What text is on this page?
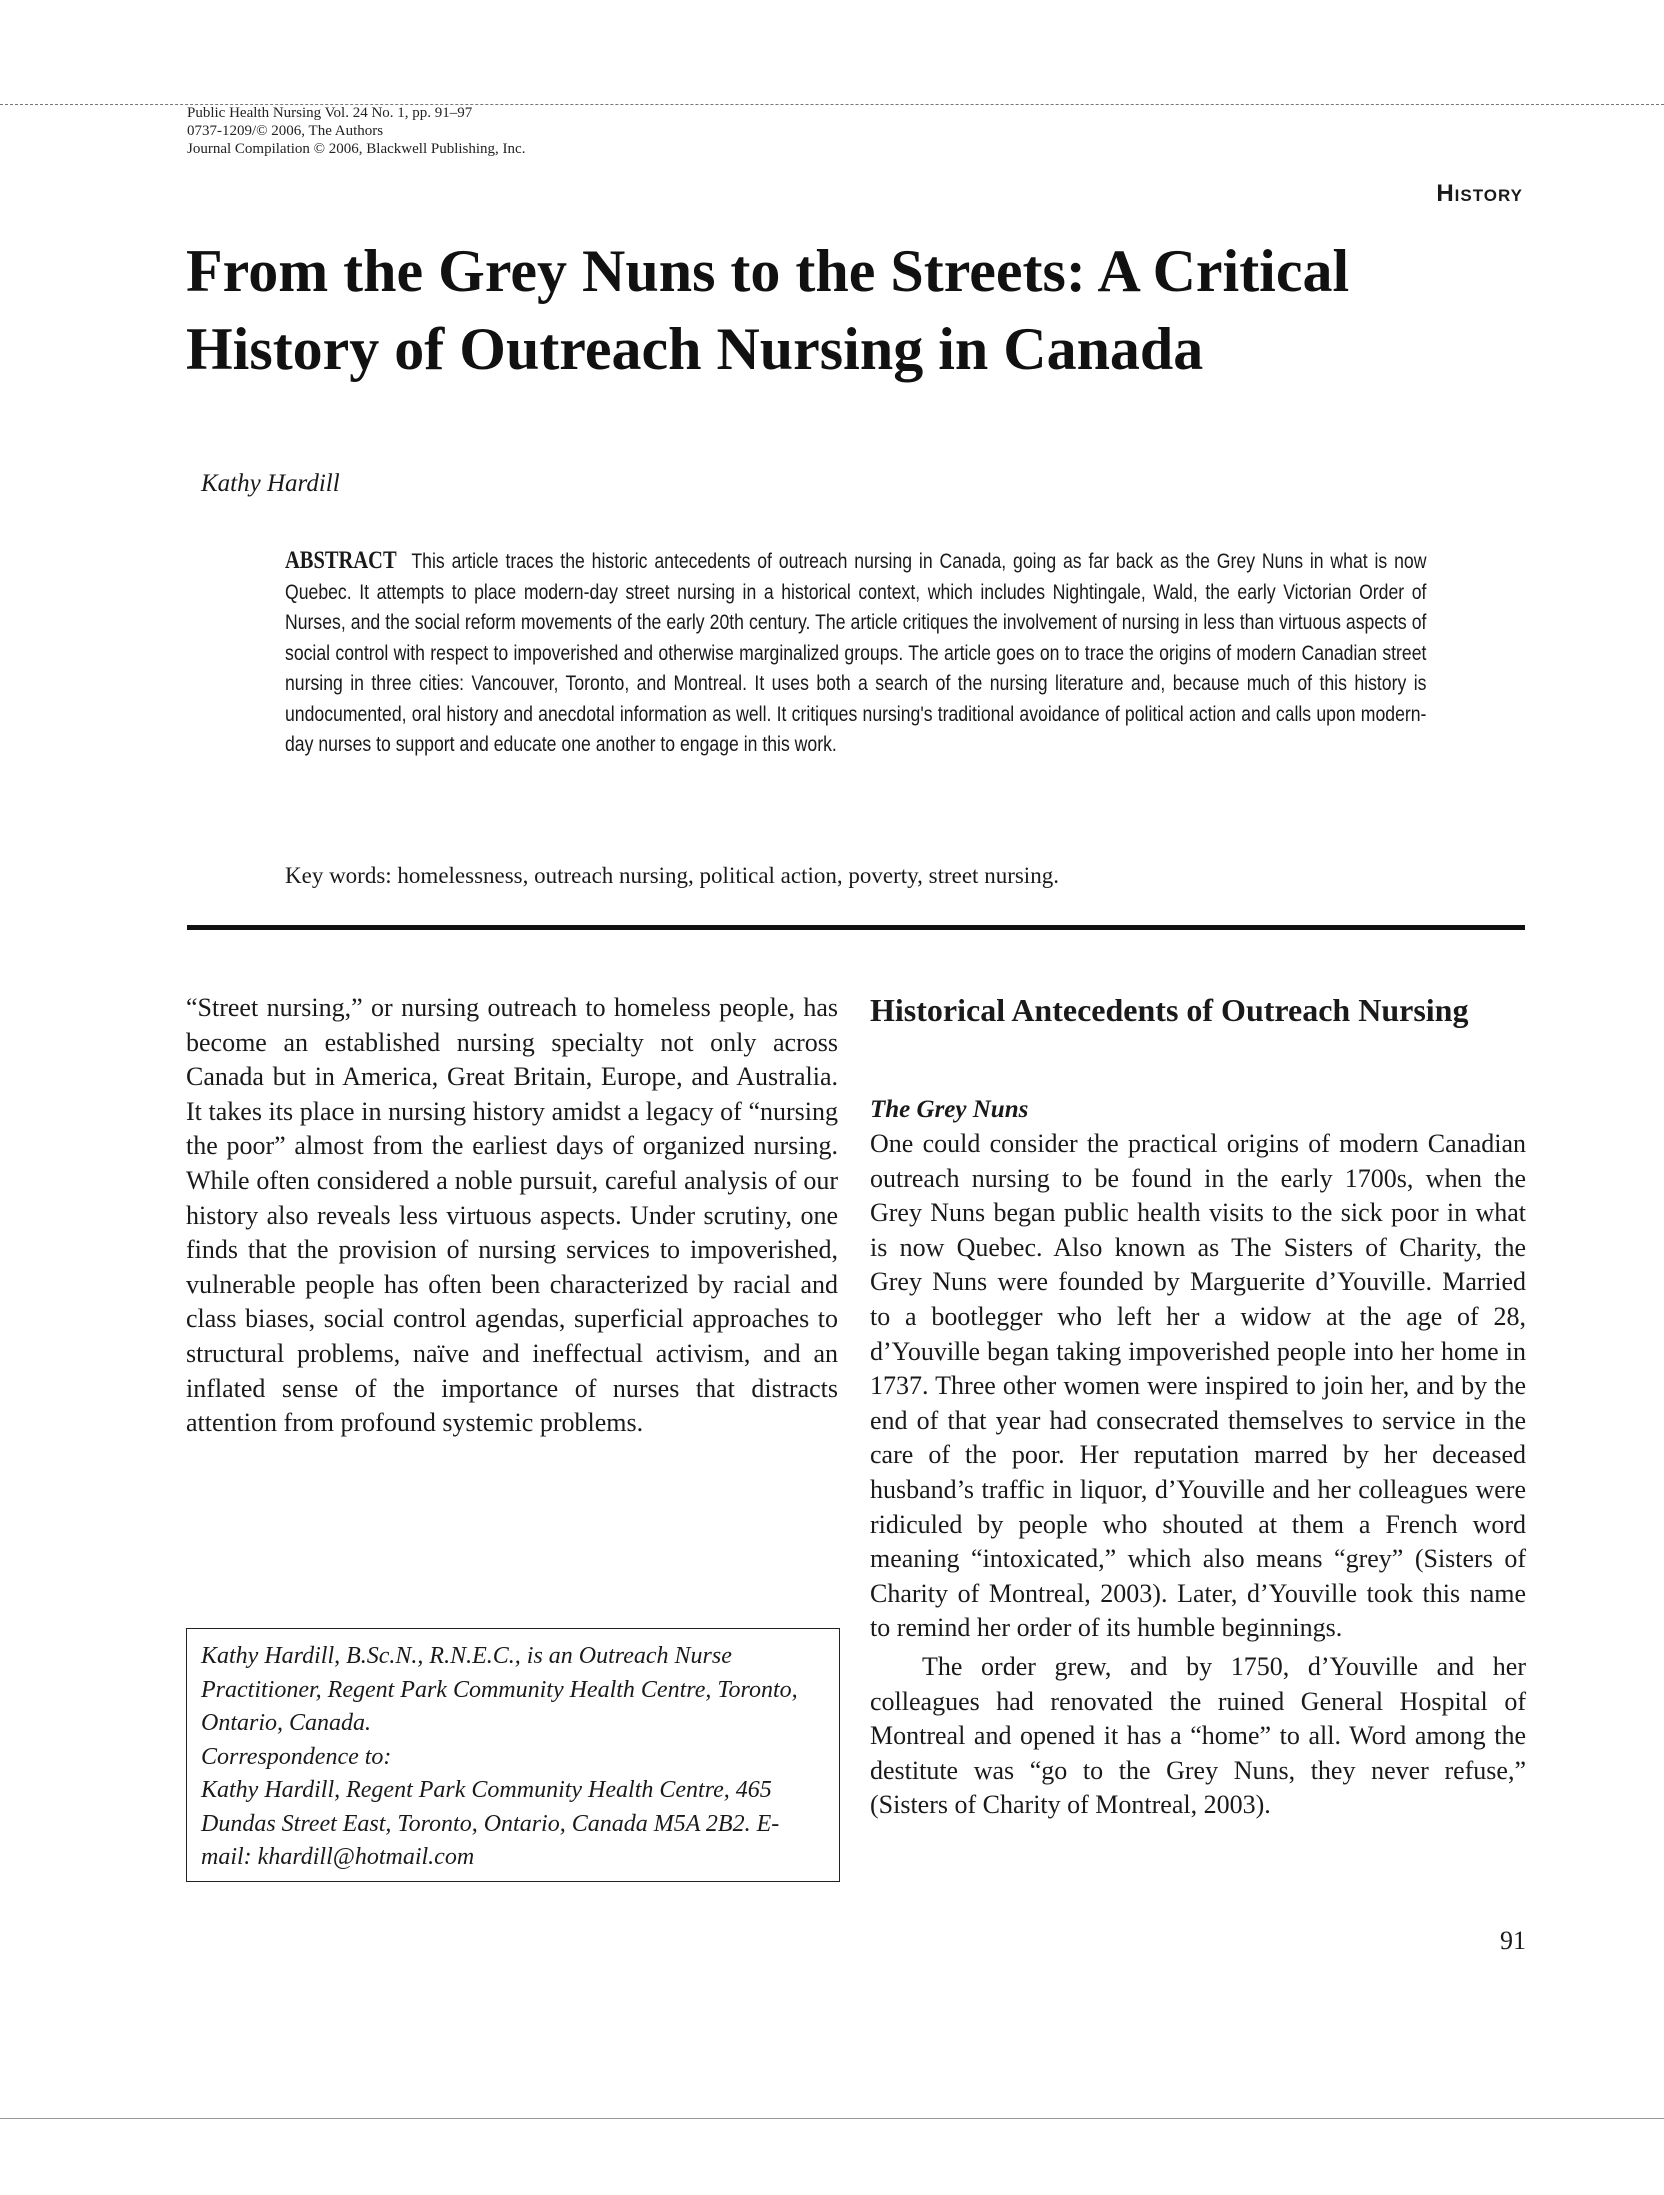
Public Health Nursing Vol. 24 No. 1, pp. 91–97
0737-1209/© 2006, The Authors
Journal Compilation © 2006, Blackwell Publishing, Inc.
History
From the Grey Nuns to the Streets: A Critical History of Outreach Nursing in Canada
Kathy Hardill

ABSTRACT This article traces the historic antecedents of outreach nursing in Canada, going as far back as the Grey Nuns in what is now Quebec. It attempts to place modern-day street nursing in a historical context, which includes Nightingale, Wald, the early Victorian Order of Nurses, and the social reform movements of the early 20th century. The article critiques the involvement of nursing in less than virtuous aspects of social control with respect to impoverished and otherwise marginalized groups. The article goes on to trace the origins of modern Canadian street nursing in three cities: Vancouver, Toronto, and Montreal. It uses both a search of the nursing literature and, because much of this history is undocumented, oral history and anecdotal information as well. It critiques nursing's traditional avoidance of political action and calls upon modern-day nurses to support and educate one another to engage in this work.

Key words: homelessness, outreach nursing, political action, poverty, street nursing.

“Street nursing,” or nursing outreach to homeless people, has become an established nursing specialty not only across Canada but in America, Great Britain, Europe, and Australia. It takes its place in nursing history amidst a legacy of “nursing the poor” almost from the earliest days of organized nursing. While often considered a noble pursuit, careful analysis of our history also reveals less virtuous aspects. Under scrutiny, one finds that the provision of nursing services to impoverished, vulnerable people has often been characterized by racial and class biases, social control agendas, superficial approaches to structural problems, naïve and ineffectual activism, and an inflated sense of the importance of nurses that distracts attention from profound systemic problems.

Kathy Hardill, B.Sc.N., R.N.E.C., is an Outreach Nurse Practitioner, Regent Park Community Health Centre, Toronto, Ontario, Canada.

Correspondence to:

Kathy Hardill, Regent Park Community Health Centre, 465 Dundas Street East, Toronto, Ontario, Canada M5A 2B2. E-mail: khardill@hotmail.com

Historical Antecedents of Outreach Nursing
The Grey Nuns

One could consider the practical origins of modern Canadian outreach nursing to be found in the early 1700s, when the Grey Nuns began public health visits to the sick poor in what is now Quebec. Also known as The Sisters of Charity, the Grey Nuns were founded by Marguerite d’Youville. Married to a bootlegger who left her a widow at the age of 28, d’Youville began taking impoverished people into her home in 1737. Three other women were inspired to join her, and by the end of that year had consecrated themselves to service in the care of the poor. Her reputation marred by her deceased husband’s traffic in liquor, d’Youville and her colleagues were ridiculed by people who shouted at them a French word meaning “intoxicated,” which also means “grey” (Sisters of Charity of Montreal, 2003). Later, d’Youville took this name to remind her order of its humble beginnings.

The order grew, and by 1750, d’Youville and her colleagues had renovated the ruined General Hospital of Montreal and opened it has a “home” to all. Word among the destitute was “go to the Grey Nuns, they never refuse,” (Sisters of Charity of Montreal, 2003).

91
